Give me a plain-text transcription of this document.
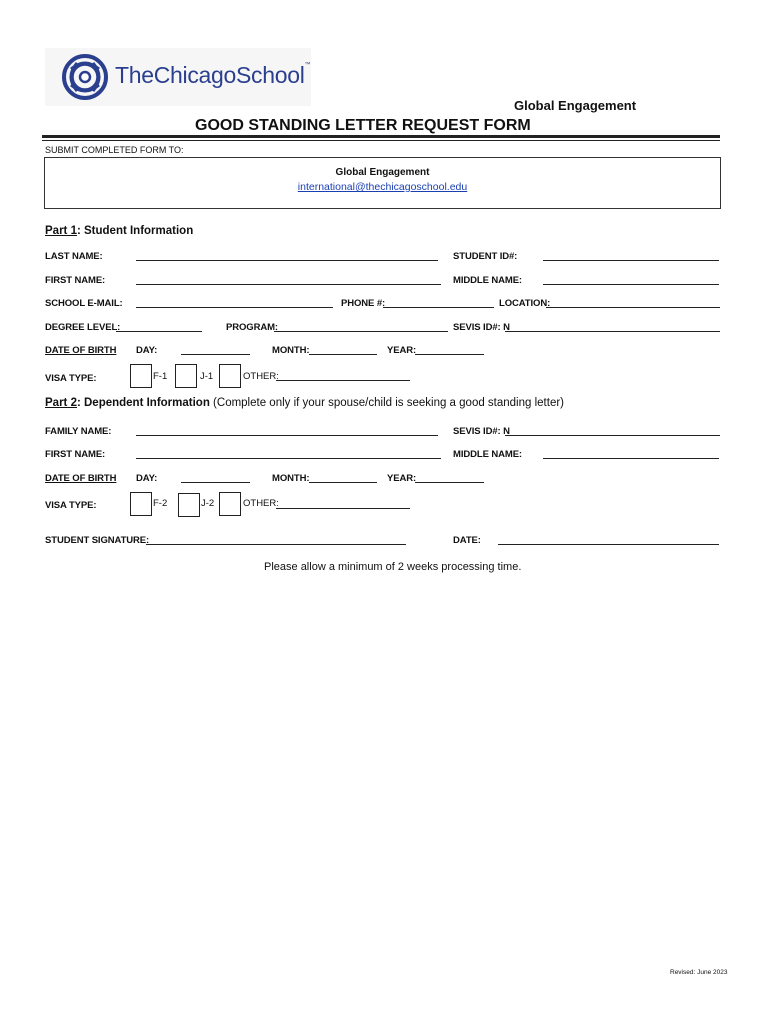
TheChicagoSchool™
Global Engagement
GOOD STANDING LETTER REQUEST FORM
SUBMIT COMPLETED FORM TO:
Global Engagement
international@thechicagoschool.edu
Part 1: Student Information
LAST NAME:	STUDENT ID#:
FIRST NAME:	MIDDLE NAME:
SCHOOL E-MAIL:	PHONE #:	LOCATION:
DEGREE LEVEL:	PROGRAM:	SEVIS ID#: N
DATE OF BIRTH DAY:	MONTH:	YEAR:
VISA TYPE:	F-1	J-1	OTHER:
Part 2: Dependent Information (Complete only if your spouse/child is seeking a good standing letter)
FAMILY NAME:	SEVIS ID#: N
FIRST NAME:	MIDDLE NAME:
DATE OF BIRTH DAY:	MONTH:	YEAR:
VISA TYPE:	F-2	J-2	OTHER:
STUDENT SIGNATURE:	DATE:
Please allow a minimum of 2 weeks processing time.
Revised: June 2023
